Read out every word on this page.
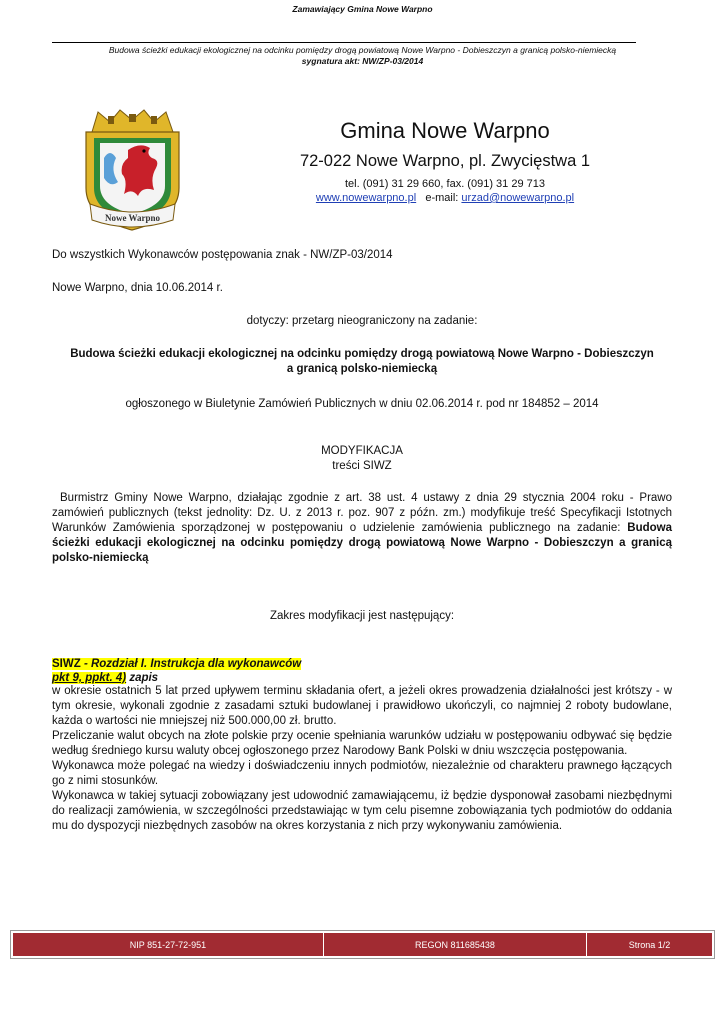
Zamawiający Gmina Nowe Warpno
Budowa ścieżki edukacji ekologicznej na odcinku pomiędzy drogą powiatową Nowe Warpno - Dobieszczyn a granicą polsko-niemiecką
sygnatura akt: NW/ZP-03/2014
Nowe Warpno
Gmina Nowe Warpno
72-022 Nowe Warpno, pl. Zwycięstwa 1
tel. (091) 31 29 660, fax. (091) 31 29 713
www.nowewarpno.pl e-mail: urzad@nowewarpno.pl
Do wszystkich Wykonawców postępowania znak - NW/ZP-03/2014
Nowe Warpno, dnia 10.06.2014 r.
dotyczy: przetarg nieograniczony na zadanie:
Budowa ścieżki edukacji ekologicznej na odcinku pomiędzy drogą powiatową Nowe Warpno - Dobieszczyn
a granicą polsko-niemiecką
ogłoszonego w Biuletynie Zamówień Publicznych w dniu 02.06.2014 r. pod nr 184852 – 2014
MODYFIKACJA
treści SIWZ
Burmistrz Gminy Nowe Warpno, działając zgodnie z art. 38 ust. 4 ustawy z dnia 29 stycznia 2004 roku - Prawo zamówień publicznych (tekst jednolity: Dz. U. z 2013 r. poz. 907 z późn. zm.) modyfikuje treść Specyfikacji Istotnych Warunków Zamówienia sporządzonej w postępowaniu o udzielenie zamówienia publicznego na zadanie: Budowa ścieżki edukacji ekologicznej na odcinku pomiędzy drogą powiatową Nowe Warpno - Dobieszczyn a granicą polsko-niemiecką
Zakres modyfikacji jest następujący:
SIWZ - Rozdział I. Instrukcja dla wykonawców
pkt 9, ppkt. 4) zapis

w okresie ostatnich 5 lat przed upływem terminu składania ofert, a jeżeli okres prowadzenia działalności jest krótszy - w tym okresie, wykonali zgodnie z zasadami sztuki budowlanej i prawidłowo ukończyli, co najmniej 2 roboty budowlane, każda o wartości nie mniejszej niż 500.000,00 zł. brutto.

Przeliczanie walut obcych na złote polskie przy ocenie spełniania warunków udziału w postępowaniu odbywać się będzie według średniego kursu waluty obcej ogłoszonego przez Narodowy Bank Polski w dniu wszczęcia postępowania.

Wykonawca może polegać na wiedzy i doświadczeniu innych podmiotów, niezależnie od charakteru prawnego łączących go z nimi stosunków.

Wykonawca w takiej sytuacji zobowiązany jest udowodnić zamawiającemu, iż będzie dysponował zasobami niezbędnymi do realizacji zamówienia, w szczególności przedstawiając w tym celu pisemne zobowiązania tych podmiotów do oddania mu do dyspozycji niezbędnych zasobów na okres korzystania z nich przy wykonywaniu zamówienia.

NIP 851-27-72-951	REGON 811685438	Strona 1/2
